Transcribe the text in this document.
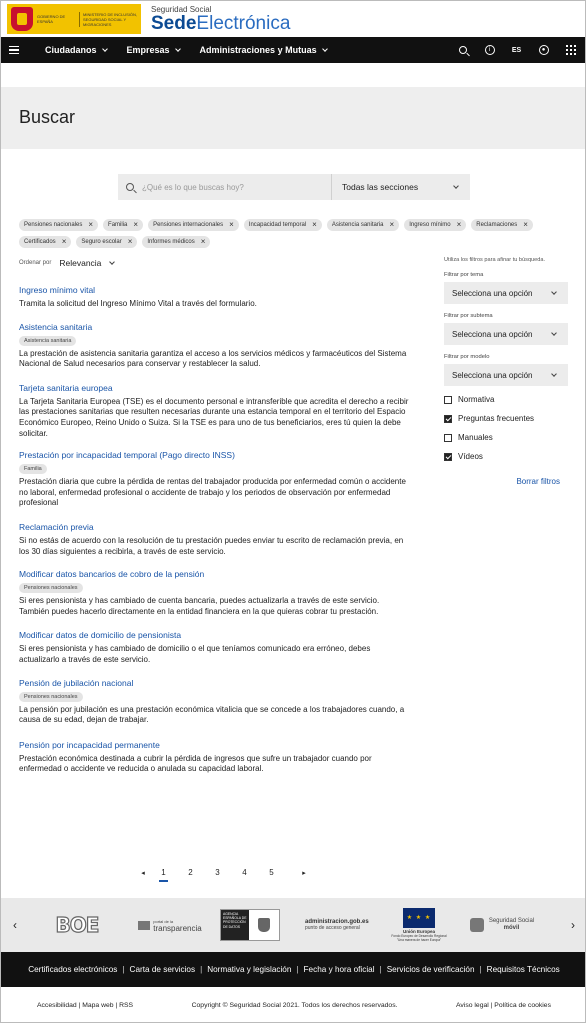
GOBIERNO DE ESPAÑA
MINISTERIO DE INCLUSIÓN, SEGURIDAD SOCIAL Y MIGRACIONES
Seguridad Social
SedeElectrónica
Ciudadanos	Empresas	Administraciones y Mutuas	i	ES	●
Buscar
¿Qué es lo que buscas hoy?	Todas las secciones
Pensiones nacionales ×	Familia ×	Pensiones internacionales ×	Incapacidad temporal ×	Asistencia sanitaria ×	Ingreso mínimo ×	Reclamaciones ×
Certificados ×	Seguro escolar ×	Informes médicos ×
Ordenar por Relevancia
Ingreso mínimo vital
Tramita la solicitud del Ingreso Mínimo Vital a través del formulario.
Asistencia sanitaria
Asistencia sanitaria
La prestación de asistencia sanitaria garantiza el acceso a los servicios médicos y farmacéuticos del Sistema Nacional de Salud necesarios para conservar y restablecer la salud.
Tarjeta sanitaria europea
La Tarjeta Sanitaria Europea (TSE) es el documento personal e intransferible que acredita el derecho a recibir las prestaciones sanitarias que resulten necesarias durante una estancia temporal en el territorio del Espacio Económico Europeo, Reino Unido o Suiza. Si la TSE es para uno de tus beneficiarios, eres tú quien la debe solicitar.
Prestación por incapacidad temporal (Pago directo INSS)
Familia
Prestación diaria que cubre la pérdida de rentas del trabajador producida por enfermedad común o accidente no laboral, enfermedad profesional o accidente de trabajo y los periodos de observación por enfermedad profesional
Reclamación previa
Si no estás de acuerdo con la resolución de tu prestación puedes enviar tu escrito de reclamación previa, en los 30 días siguientes a recibirla, a través de este servicio.
Modificar datos bancarios de cobro de la pensión
Pensiones nacionales
Si eres pensionista y has cambiado de cuenta bancaria, puedes actualizarla a través de este servicio. También puedes hacerlo directamente en la entidad financiera en la que quieras cobrar tu prestación.
Modificar datos de domicilio de pensionista
Si eres pensionista y has cambiado de domicilio o el que teníamos comunicado era erróneo, debes actualizarlo a través de este servicio.
Pensión de jubilación nacional
Pensiones nacionales
La pensión por jubilación es una prestación económica vitalicia que se concede a los trabajadores cuando, a causa de su edad, dejan de trabajar.
Pensión por incapacidad permanente
Prestación económica destinada a cubrir la pérdida de ingresos que sufre un trabajador cuando por enfermedad o accidente ve reducida o anulada su capacidad laboral.
Utiliza los filtros para afinar tu búsqueda.
Filtrar por tema
Selecciona una opción
Filtrar por subtema
Selecciona una opción
Filtrar por modelo
Selecciona una opción
Normativa
Preguntas frecuentes
Manuales
Vídeos
Borrar filtros
◂	1	2	3	4	5	▸
‹	BOE	portal de la
transparencia
AGENCIA ESPAÑOLA DE PROTECCIÓN DE DATOS
administracion.gob.es
punto de acceso general
★ ★ ★
Unión Europea
Fondo Europeo de Desarrollo Regional "Una manera de hacer Europa"
Seguridad Social
móvil	›
Certificados electrónicos | Carta de servicios | Normativa y legislación | Fecha y hora oficial | Servicios de verificación | Requisitos Técnicos
Accesibilidad | Mapa web | RSS	Copyright © Seguridad Social 2021. Todos los derechos reservados.	Aviso legal | Política de cookies
